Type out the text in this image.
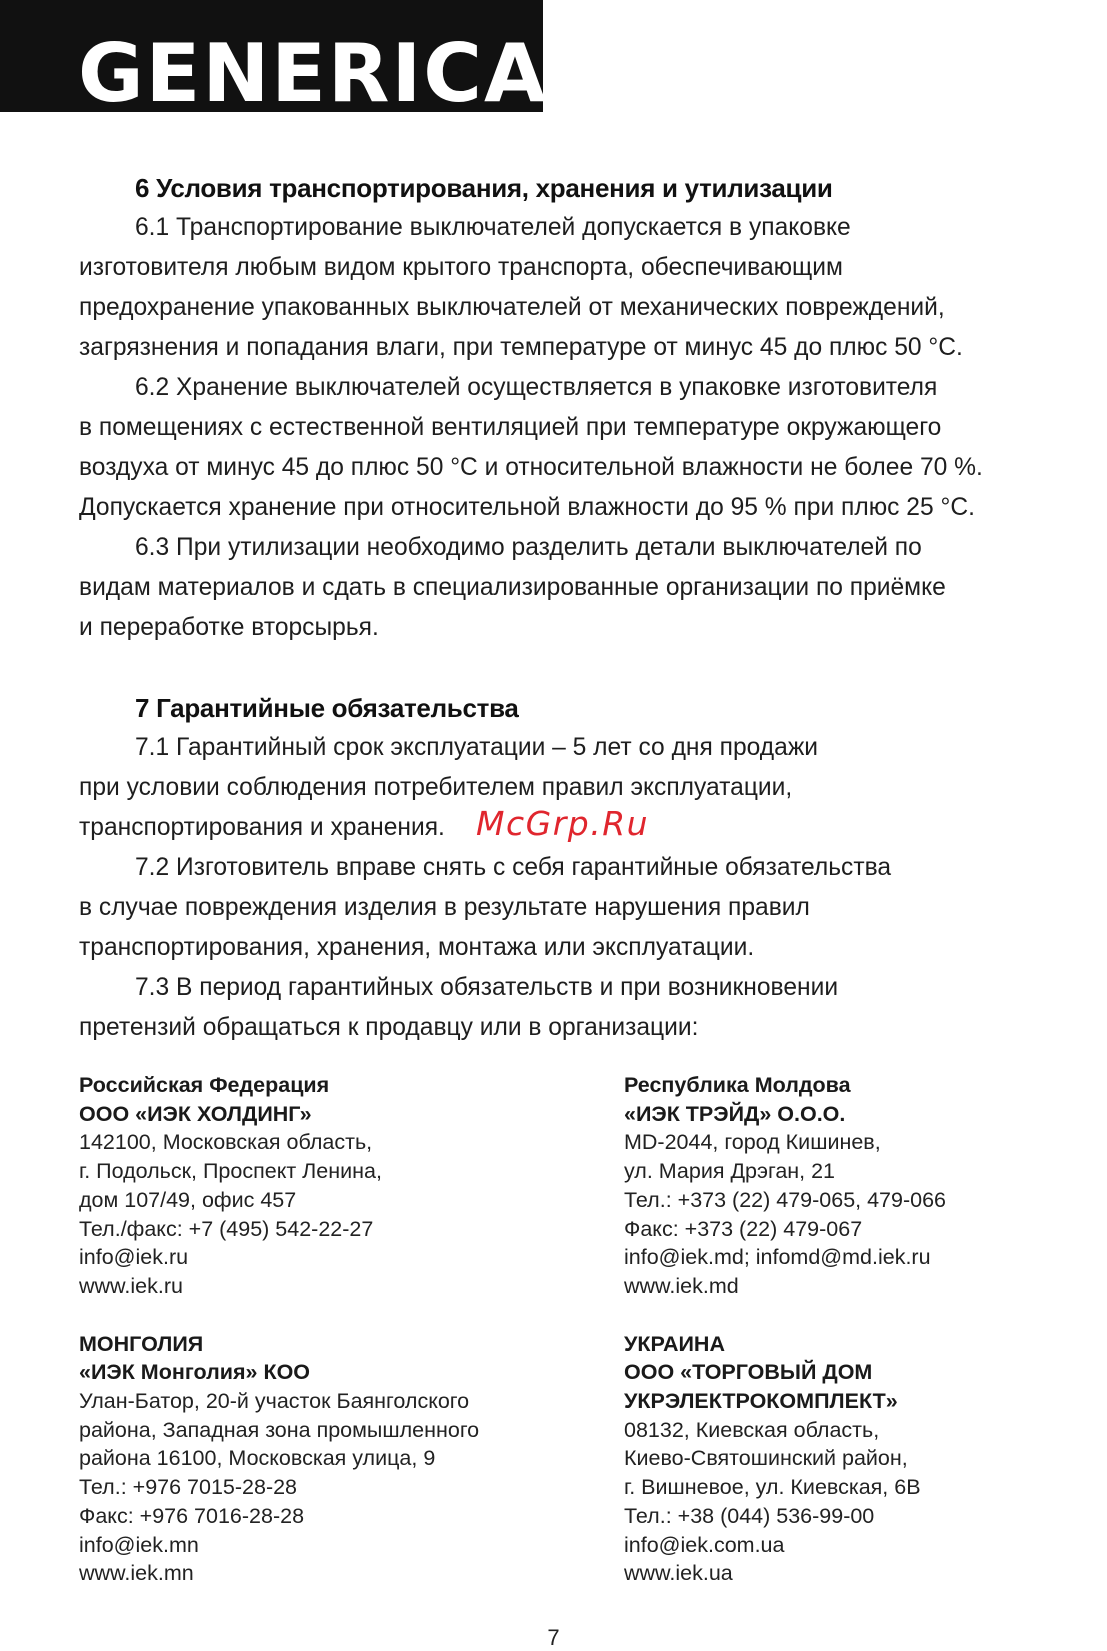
GENERICA
6 Условия транспортирования, хранения и утилизации

6.1 Транспортирование выключателей допускается в упаковке
изготовителя любым видом крытого транспорта, обеспечивающим
предохранение упакованных выключателей от механических повреждений,
загрязнения и попадания влаги, при температуре от минус 45 до плюс 50 °С.

6.2 Хранение выключателей осуществляется в упаковке изготовителя
в помещениях с естественной вентиляцией при температуре окружающего
воздуха от минус 45 до плюс 50 °С и относительной влажности не более 70 %.
Допускается хранение при относительной влажности до 95 % при плюс 25 °С.

6.3 При утилизации необходимо разделить детали выключателей по
видам материалов и сдать в специализированные организации по приёмке
и переработке вторсырья.

7 Гарантийные обязательства

7.1 Гарантийный срок эксплуатации – 5 лет со дня продажи
при условии соблюдения потребителем правил эксплуатации,
транспортирования и хранения.

7.2 Изготовитель вправе снять с себя гарантийные обязательства
в случае повреждения изделия в результате нарушения правил
транспортирования, хранения, монтажа или эксплуатации.

7.3 В период гарантийных обязательств и при возникновении
претензий обращаться к продавцу или в организации:

McGrp.Ru
Российская Федерация
ООО «ИЭК ХОЛДИНГ»
142100, Московская область,
г. Подольск, Проспект Ленина,
дом 107/49, офис 457
Тел./факс: +7 (495) 542-22-27
info@iek.ru
www.iek.ru
МОНГОЛИЯ
«ИЭК Монголия» КОО
Улан-Батор, 20-й участок Баянголского
района, Западная зона промышленного
района 16100, Московская улица, 9
Тел.: +976 7015-28-28
Факс: +976 7016-28-28
info@iek.mn
www.iek.mn
Республика Молдова
«ИЭК ТРЭЙД» О.О.О.
MD-2044, город Кишинев,
ул. Мария Дрэган, 21
Тел.: +373 (22) 479-065, 479-066
Факс: +373 (22) 479-067
info@iek.md; infomd@md.iek.ru
www.iek.md
УКРАИНА
ООО «ТОРГОВЫЙ ДОМ
УКРЭЛЕКТРОКОМПЛЕКТ»
08132, Киевская область,
Киево-Святошинский район,
г. Вишневое, ул. Киевская, 6В
Тел.: +38 (044) 536-99-00
info@iek.com.ua
www.iek.ua
7
